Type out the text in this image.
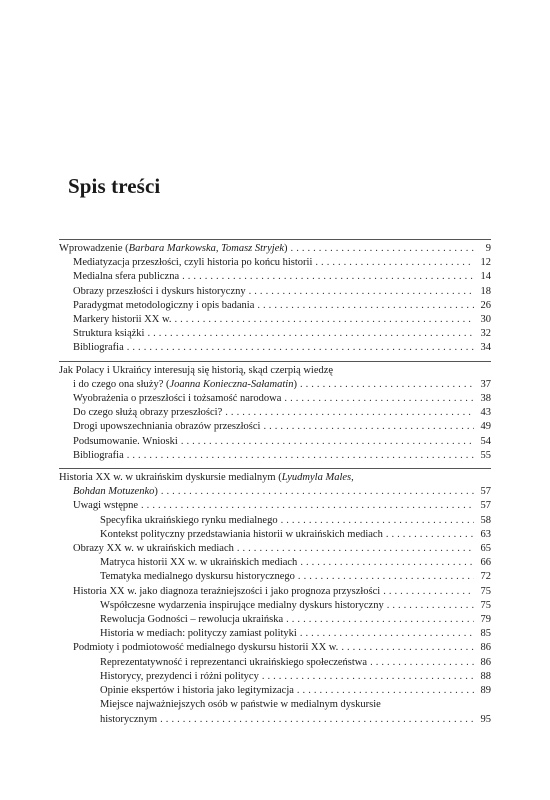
Spis treści
Wprowadzenie (Barbara Markowska, Tomasz Stryjek) . . .	9
Mediatyzacja przeszłości, czyli historia po końcu historii . . .	12
Medialna sfera publiczna . . .	14
Obrazy przeszłości i dyskurs historyczny . . .	18
Paradygmat metodologiczny i opis badania . . .	26
Markery historii XX w. . . .	30
Struktura książki . . .	32
Bibliografia . . .	34
Jak Polacy i Ukraińcy interesują się historią, skąd czerpią wiedzę
i do czego ona służy? (Joanna Konieczna-Sałamatin) . . .	37
Wyobrażenia o przeszłości i tożsamość narodowa . . .	38
Do czego służą obrazy przeszłości? . . .	43
Drogi upowszechniania obrazów przeszłości . . .	49
Podsumowanie. Wnioski . . .	54
Bibliografia . . .	55
Historia XX w. w ukraińskim dyskursie medialnym (Lyudmyla Males,
Bohdan Motuzenko) . . .	57
Uwagi wstępne . . .	57
Specyfika ukraińskiego rynku medialnego . . .	58
Kontekst polityczny przedstawiania historii w ukraińskich mediach . . .	63
Obrazy XX w. w ukraińskich mediach . . .	65
Matryca historii XX w. w ukraińskich mediach . . .	66
Tematyka medialnego dyskursu historycznego . . .	72
Historia XX w. jako diagnoza teraźniejszości i jako prognoza przyszłości . . .	75
Współczesne wydarzenia inspirujące medialny dyskurs historyczny . . .	75
Rewolucja Godności – rewolucja ukraińska . . .	79
Historia w mediach: polityczy zamiast polityki . . .	85
Podmioty i podmiotowość medialnego dyskursu historii XX w. . . .	86
Reprezentatywność i reprezentanci ukraińskiego społeczeństwa . . .	86
Historycy, prezydenci i różni politycy . . .	88
Opinie ekspertów i historia jako legitymizacja . . .	89
Miejsce najważniejszych osób w państwie w medialnym dyskursie
historycznym . . .	95
